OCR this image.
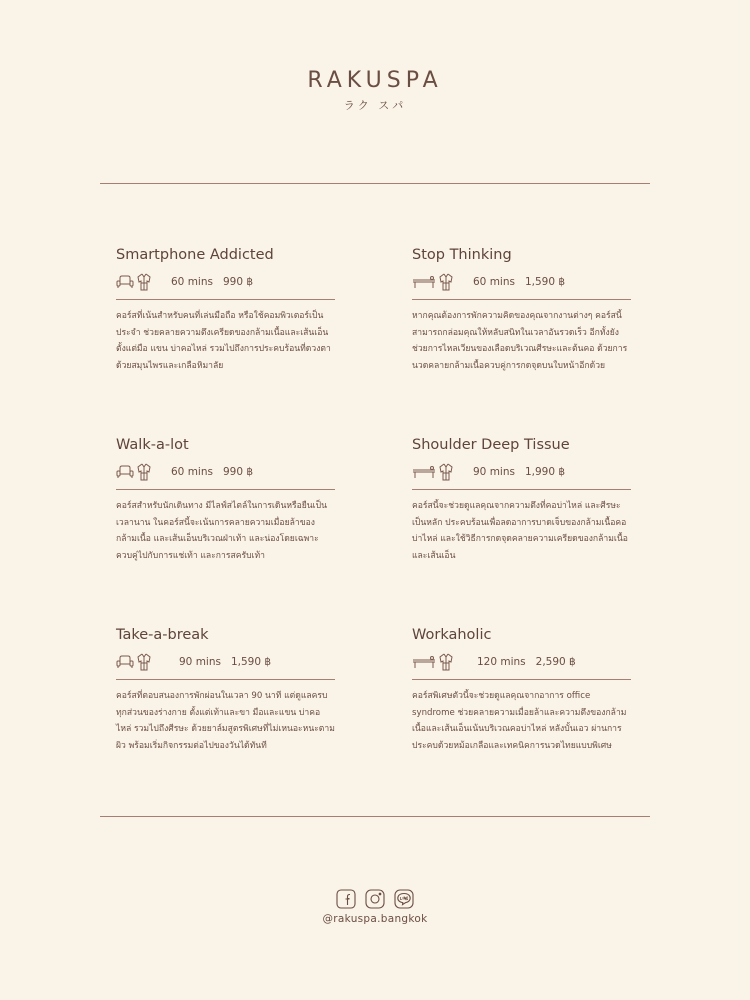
RAKUSPA
ラク スパ
Smartphone Addicted
60 mins 990 ฿
คอร์สที่เน้นสำหรับคนที่เล่นมือถือ หรือใช้คอมพิวเตอร์เป็นประจำ ช่วยคลายความตึงเครียดของกล้ามเนื้อและเส้นเอ็นตั้งแต่มือ แขน บ่าคอไหล่ รวมไปถึงการประคบร้อนที่ดวงตาด้วยสมุนไพรและเกลือหิมาลัย
Stop Thinking
60 mins 1,590 ฿
หากคุณต้องการพักความคิดของคุณจากงานต่างๆ คอร์สนี้สามารถกล่อมคุณให้หลับสนิทในเวลาอันรวดเร็ว อีกทั้งยังช่วยการไหลเวียนของเลือดบริเวณศีรษะและต้นคอ ด้วยการนวดคลายกล้ามเนื้อควบคู่การกดจุดบนใบหน้าอีกด้วย
Walk-a-lot
60 mins 990 ฿
คอร์สสำหรับนักเดินทาง มีไลฟ์สไตล์ในการเดินหรือยืนเป็นเวลานาน ในคอร์สนี้จะเน้นการคลายความเมื่อยล้าของกล้ามเนื้อ และเส้นเอ็นบริเวณฝ่าเท้า และน่องโดยเฉพาะ ควบคู่ไปกับการแช่เท้า และการสครับเท้า
Shoulder Deep Tissue
90 mins 1,990 ฿
คอร์สนี้จะช่วยดูแลคุณจากความตึงที่คอบ่าไหล่ และศีรษะเป็นหลัก ประคบร้อนเพื่อลดอาการบาดเจ็บของกล้ามเนื้อคอบ่าไหล่ และใช้วิธีการกดจุดคลายความเครียดของกล้ามเนื้อและเส้นเอ็น
Take-a-break
90 mins 1,590 ฿
คอร์สที่ตอบสนองการพักผ่อนในเวลา 90 นาที แต่ดูแลครบทุกส่วนของร่างกาย ตั้งแต่เท้าและขา มือและแขน บ่าคอไหล่ รวมไปถึงศีรษะ ด้วยยาล์มสูตรพิเศษที่ไม่เหนอะหนะตามผิว พร้อมเริ่มกิจกรรมต่อไปของวันได้ทันที
Workaholic
120 mins 2,590 ฿
คอร์สพิเศษตัวนี้จะช่วยดูแลคุณจากอาการ office syndrome ช่วยคลายความเมื่อยล้าและความตึงของกล้ามเนื้อและเส้นเอ็นเน้นบริเวณคอบ่าไหล่ หลังบั้นเอว ผ่านการประคบด้วยหม้อเกลือและเทคนิคการนวดไทยแบบพิเศษ
@rakuspa.bangkok
